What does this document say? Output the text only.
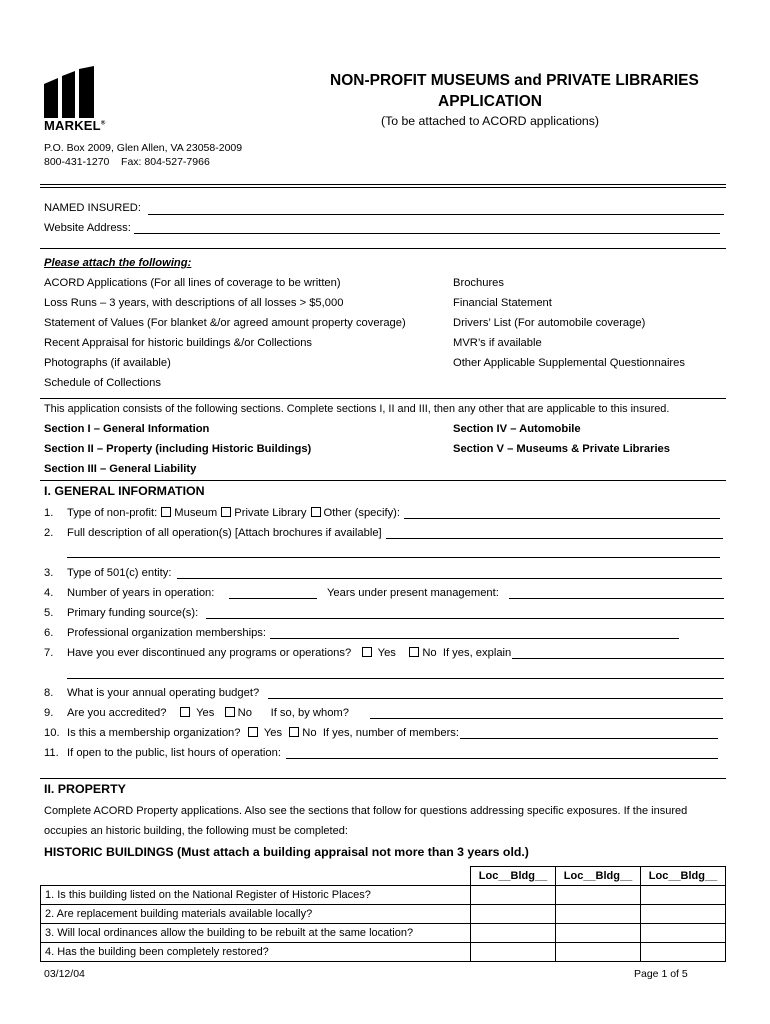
MARKEL®
NON-PROFIT MUSEUMS and PRIVATE LIBRARIES
APPLICATION
(To be attached to ACORD applications)
P.O. Box 2009, Glen Allen, VA 23058-2009
800-431-1270    Fax: 804-527-7966
NAMED INSURED:
Website Address:
Please attach the following:
ACORD Applications (For all lines of coverage to be written)
Loss Runs – 3 years, with descriptions of all losses > $5,000
Statement of Values (For blanket &/or agreed amount property coverage)
Recent Appraisal for historic buildings &/or Collections
Photographs (if available)
Schedule of Collections
Brochures
Financial Statement
Drivers’ List (For automobile coverage)
MVR’s if available
Other Applicable Supplemental Questionnaires
This application consists of the following sections. Complete sections I, II and III, then any other that are applicable to this insured.
Section I – General Information
Section II – Property (including Historic Buildings)
Section III – General Liability
Section IV – Automobile
Section V – Museums & Private Libraries
I. GENERAL INFORMATION
1. Type of non-profit: Museum Private Library Other (specify):
2. Full description of all operation(s) [Attach brochures if available]
3. Type of 501(c) entity:
4. Number of years in operation:	Years under present management:
5. Primary funding source(s):
6. Professional organization memberships:
7. Have you ever discontinued any programs or operations? Yes No If yes, explain
8. What is your annual operating budget?
9. Are you accredited?	Yes No If so, by whom?
10. Is this a membership organization? Yes No If yes, number of members:
11. If open to the public, list hours of operation:
II. PROPERTY
Complete ACORD Property applications. Also see the sections that follow for questions addressing specific exposures. If the insured
occupies an historic building, the following must be completed:
HISTORIC BUILDINGS (Must attach a building appraisal not more than 3 years old.)
	Loc__Bldg__	Loc__Bldg__	Loc__Bldg__
1. Is this building listed on the National Register of Historic Places?			
2. Are replacement building materials available locally?			
3. Will local ordinances allow the building to be rebuilt at the same location?			
4. Has the building been completely restored?			
03/12/04	Page 1 of 5
